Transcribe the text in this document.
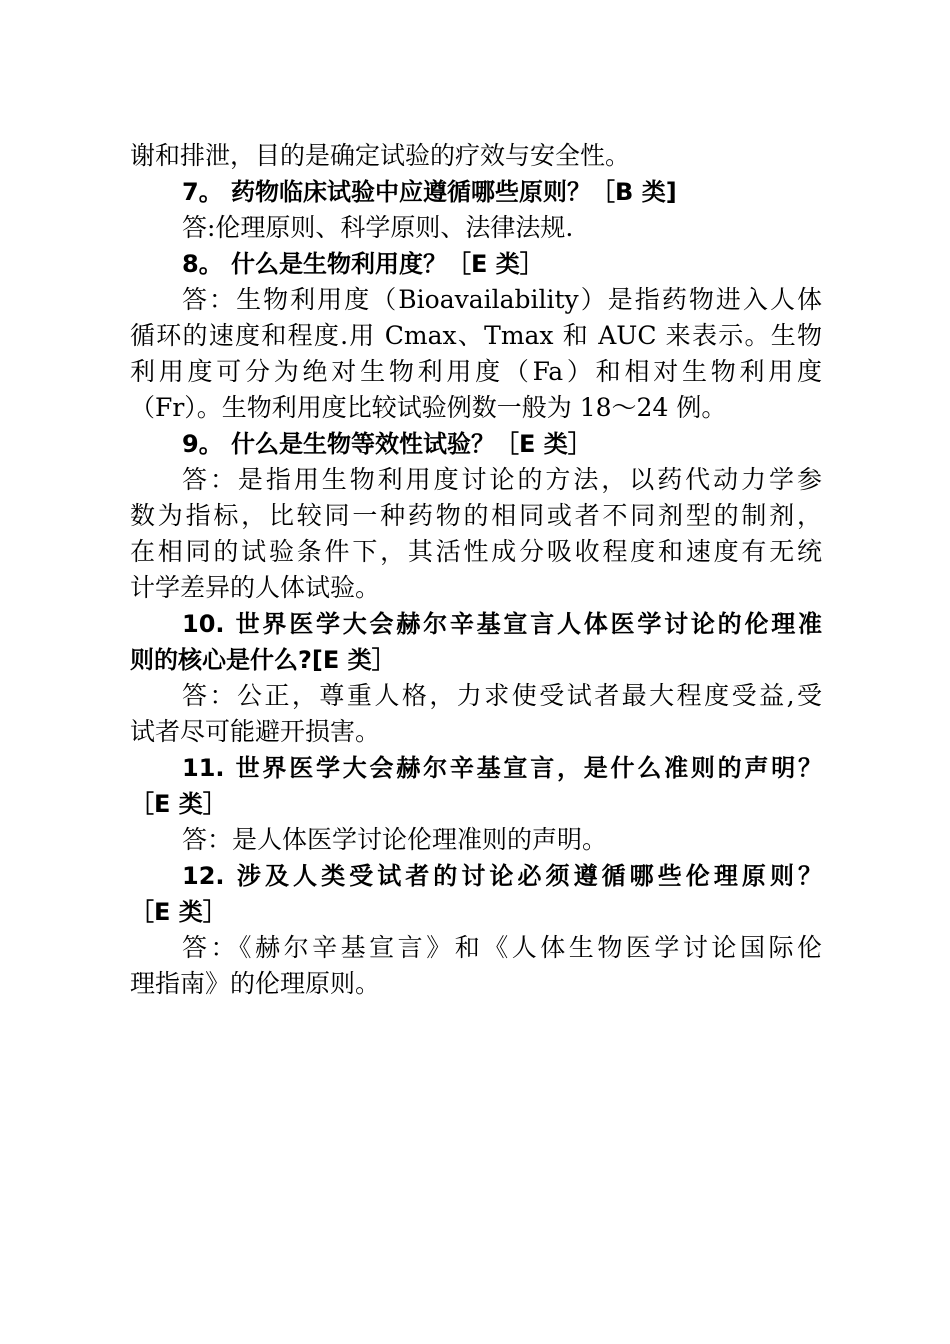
谢和排泄，目的是确定试验的疗效与安全性。
7。 药物临床试验中应遵循哪些原则？［B 类]
答:伦理原则、科学原则、法律法规.
8。 什么是生物利用度？［E 类］
答：生物利用度（Bioavailability）是指药物进入人体
循环的速度和程度.用 Cmax、Tmax 和 AUC 来表示。生物
利用度可分为绝对生物利用度（Fa）和相对生物利用度
（Fr）。生物利用度比较试验例数一般为 18～24 例。
9。 什么是生物等效性试验？［E 类］
答：是指用生物利用度讨论的方法，以药代动力学参
数为指标，比较同一种药物的相同或者不同剂型的制剂，
在相同的试验条件下，其活性成分吸收程度和速度有无统
计学差异的人体试验。
10. 世界医学大会赫尔辛基宣言人体医学讨论的伦理准
则的核心是什么?[E 类］
答：公正，尊重人格，力求使受试者最大程度受益,受
试者尽可能避开损害。
11. 世界医学大会赫尔辛基宣言，是什么准则的声明？
［E 类］
答：是人体医学讨论伦理准则的声明。
12. 涉及人类受试者的讨论必须遵循哪些伦理原则？
［E 类］
答：《赫尔辛基宣言》和《人体生物医学讨论国际伦
理指南》的伦理原则。
